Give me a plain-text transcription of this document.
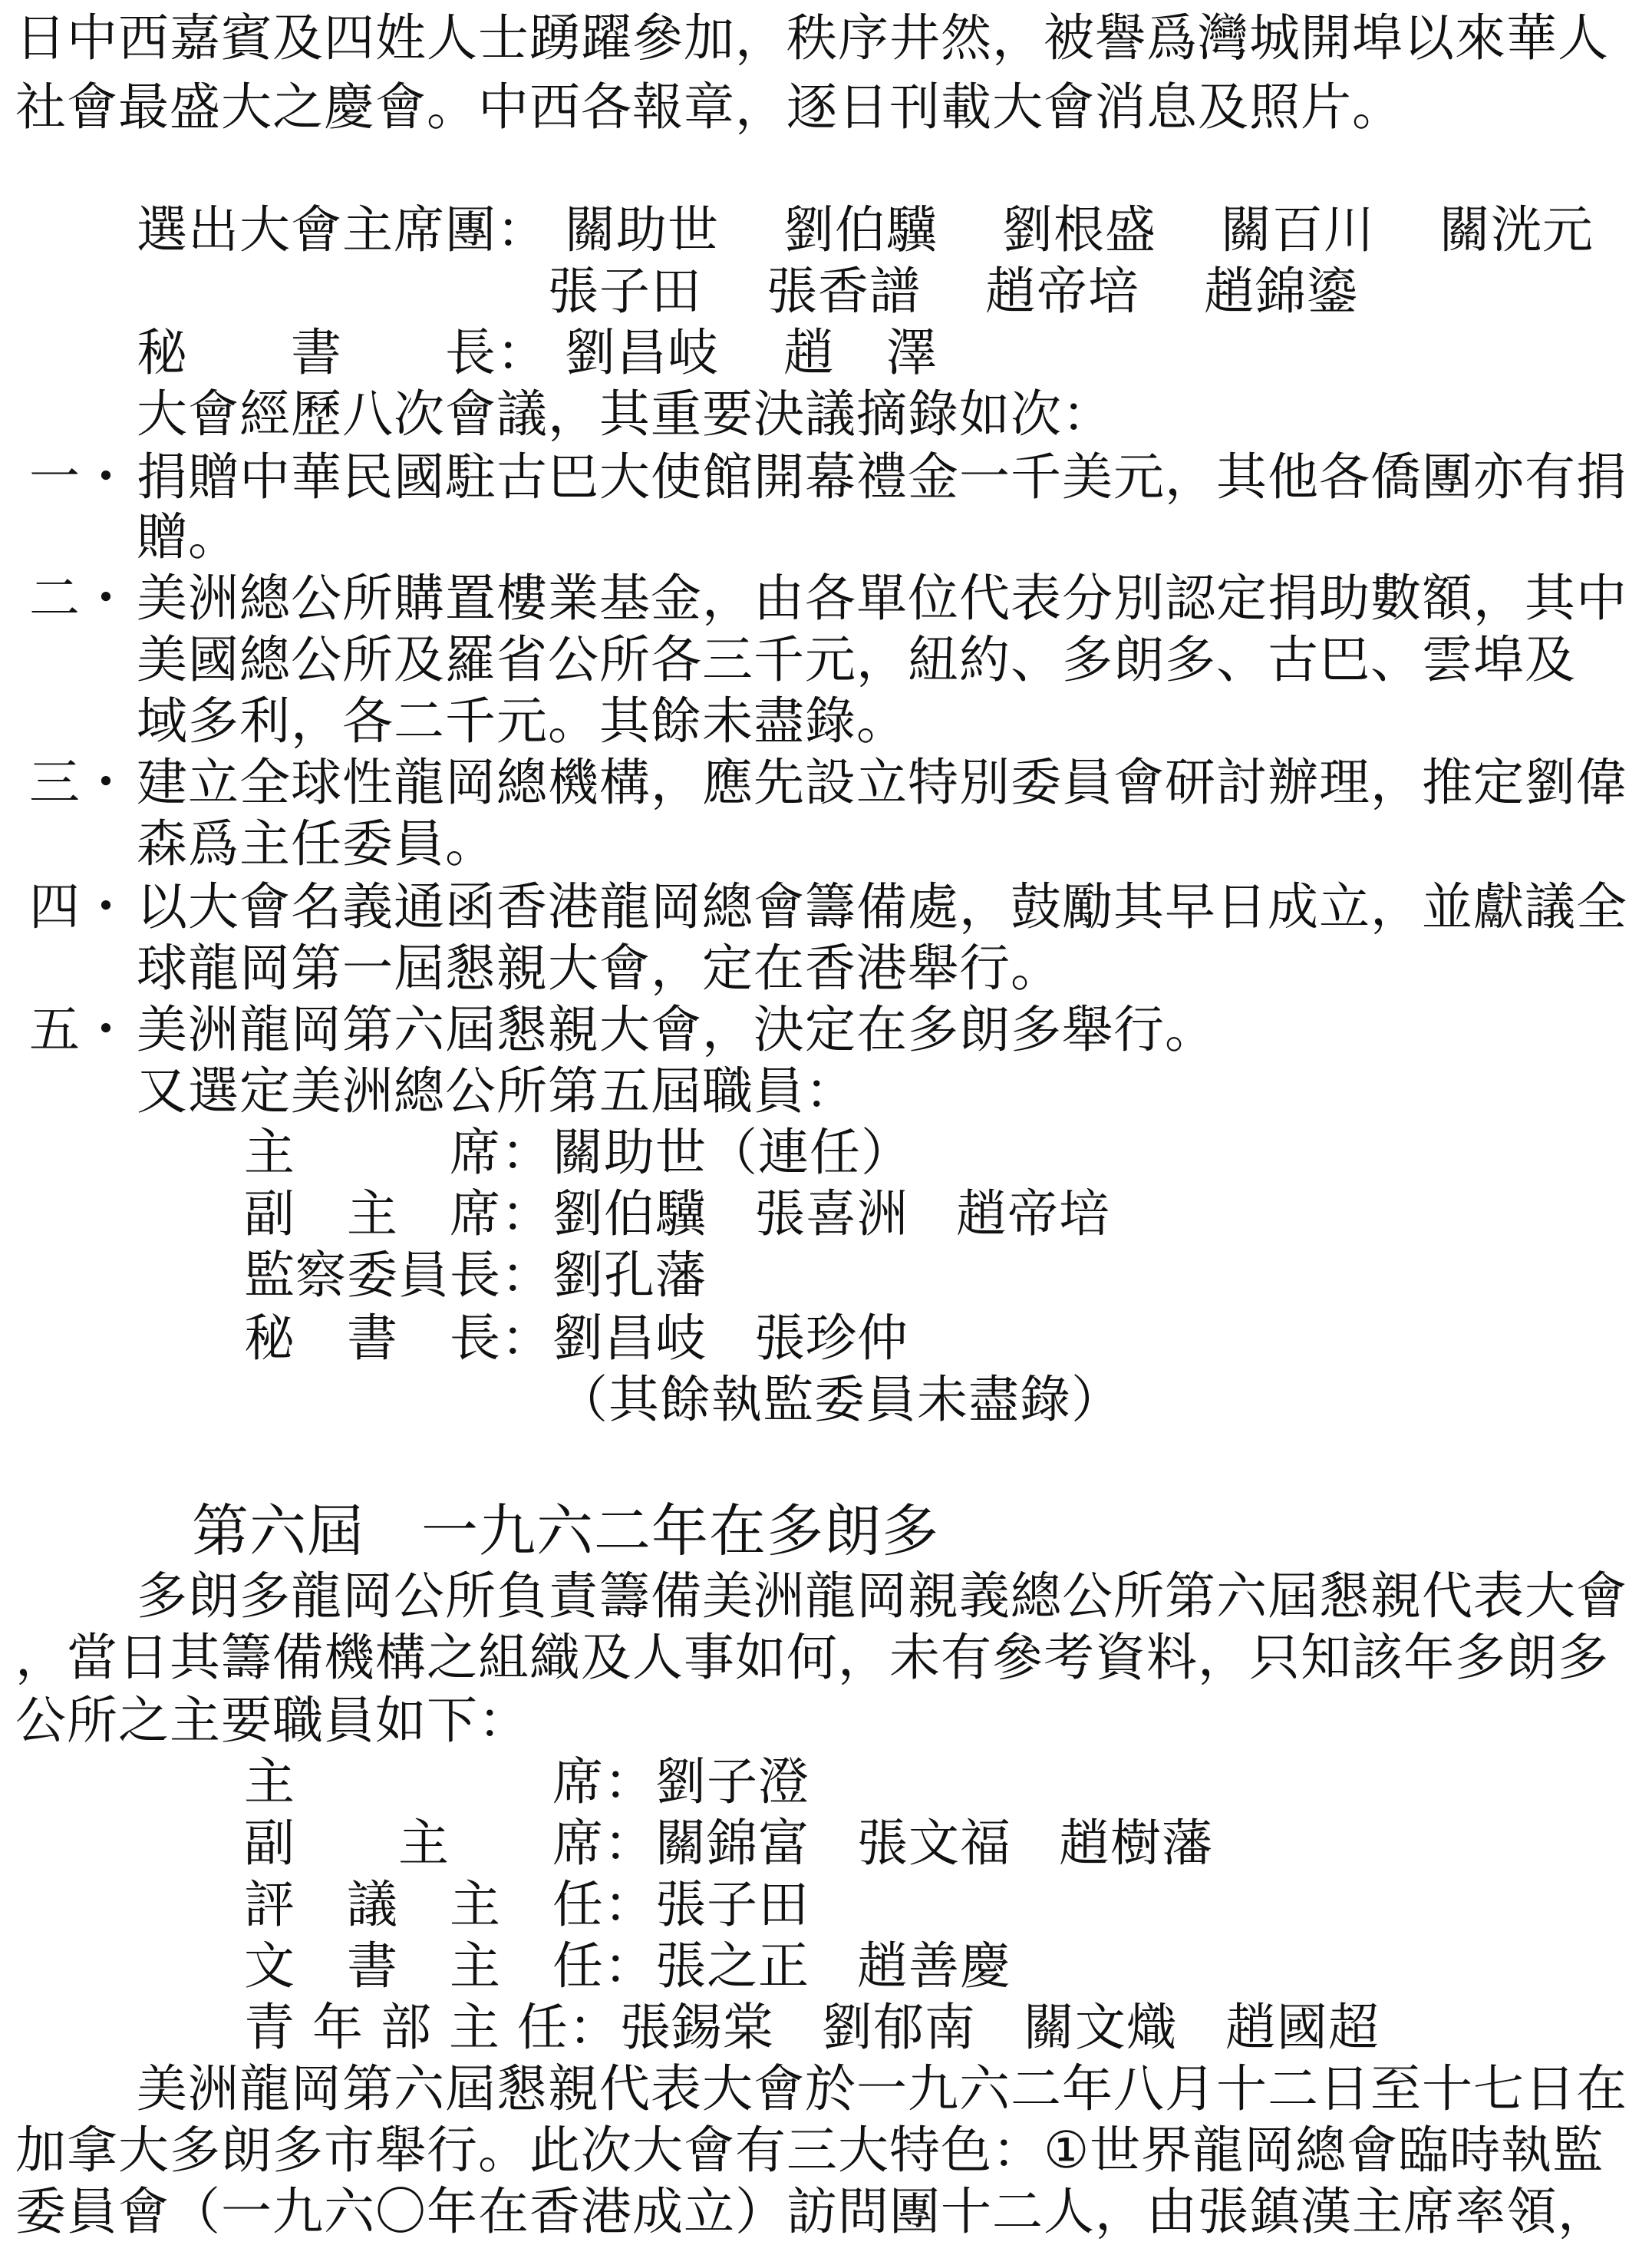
日中西嘉賓及四姓人士踴躍參加，秩序井然，被譽爲灣城開埠以來華人
社會最盛大之慶會。中西各報章，逐日刊載大會消息及照片。
選出大會主席團： 關助世 劉伯驥 劉根盛 關百川 關洸元
張子田 張香譜 趙帝培 趙錦鎏
秘　　書　　長： 劉昌岐 趙　澤
大會經歷八次會議，其重要決議摘錄如次：
一・捐贈中華民國駐古巴大使館開幕禮金一千美元，其他各僑團亦有捐
贈。
二・美洲總公所購置樓業基金，由各單位代表分別認定捐助數額，其中
美國總公所及羅省公所各三千元，紐約、多朗多、古巴、雲埠及
域多利，各二千元。其餘未盡錄。
三・建立全球性龍岡總機構，應先設立特別委員會研討辦理，推定劉偉
森爲主任委員。
四・以大會名義通函香港龍岡總會籌備處，鼓勵其早日成立，並獻議全
球龍岡第一屆懇親大會，定在香港舉行。
五・美洲龍岡第六屆懇親大會，決定在多朗多舉行。
又選定美洲總公所第五屆職員：
主　　　席：關助世（連任）
副　主　席：劉伯驥 張喜洲 趙帝培
監察委員長：劉孔藩
秘　書　長：劉昌岐 張珍仲
（其餘執監委員未盡錄）
第六屆 一九六二年在多朗多
多朗多龍岡公所負責籌備美洲龍岡親義總公所第六屆懇親代表大會
，當日其籌備機構之組織及人事如何，未有參考資料，只知該年多朗多
公所之主要職員如下：
主　　　　　席：劉子澄
副　　主　　席：關錦富 張文福 趙樹藩
評　議　主　任：張子田
文　書　主　任：張之正 趙善慶
青 年 部 主 任：張錫棠 劉郁南 關文熾 趙國超
美洲龍岡第六屆懇親代表大會於一九六二年八月十二日至十七日在
加拿大多朗多市舉行。此次大會有三大特色：①世界龍岡總會臨時執監
委員會（一九六〇年在香港成立）訪問團十二人，由張鎮漢主席率領，
